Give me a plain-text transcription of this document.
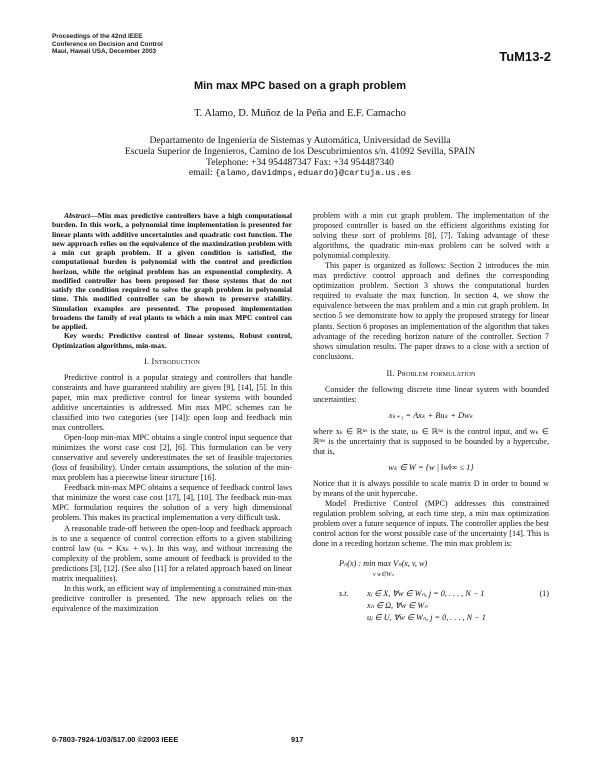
Proceedings of the 42nd IEEE
Conference on Decision and Control
Maui, Hawaii USA, December 2003	TuM13-2
Min max MPC based on a graph problem
T. Alamo, D. Muñoz de la Peña and E.F. Camacho
Departamento de Ingeniería de Sistemas y Automática, Universidad de Sevilla
Escuela Superior de Ingenieros, Camino de los Descubrimientos s/n. 41092 Sevilla, SPAIN
Telephone: +34 954487347 Fax: +34 954487340
email: {alamo,davidmps,eduardo}@cartuja.us.es

Abstract—Min max predictive controllers have a high computational burden. In this work, a polynomial time implementation is presented for linear plants with additive uncertainties and quadratic cost function. The new approach relies on the equivalence of the maximization problem with a min cut graph problem. If a given condition is satisfied, the computational burden is polynomial with the control and prediction horizon, while the original problem has an exponential complexity. A modified controller has been proposed for those systems that do not satisfy the condition required to solve the graph problem in polynomial time. This modified controller can be shown to preserve stability. Simulation examples are presented. The proposed implementation broadens the family of real plants to which a min max MPC control can be applied.

Key words: Predictive control of linear systems, Robust control, Optimization algorithms, min-max.

I. Introduction

Predictive control is a popular strategy and controllers that handle constraints and have guaranteed stability are given [9], [14], [5]. In this paper, min max predictive control for linear systems with bounded additive uncertainties is addressed. Min max MPC schemes can be classified into two categories (see [14]): open loop and feedback min max controllers.

Open-loop min-max MPC obtains a single control input sequence that minimizes the worst case cost [2], [6]. This formulation can be very conservative and severely underestimates the set of feasible trajectories (loss of feasibility). Under certain assumptions, the solution of the min-max problem has a piecewise linear structure [16].

Feedback min-max MPC obtains a sequence of feedback control laws that minimize the worst case cost [17], [4], [10]. The feedback min-max MPC formulation requires the solution of a very high dimensional problem. This makes its practical implementation a very difficult task.

A reasonable trade-off between the open-loop and feedback approach is to use a sequence of control correction efforts to a given stabilizing control law (uₖ = Kxₖ + vₖ). In this way, and without increasing the complexity of the problem, some amount of feedback is provided to the predictions [3], [12]. (See also [11] for a related approach based on linear matrix inequalities).

In this work, an efficient way of implementing a constrained min-max predictive controller is presented. The new approach relies on the equivalence of the maximization

problem with a min cut graph problem. The implementation of the proposed controller is based on the efficient algorithms existing for solving these sort of problems [8], [7]. Taking advantage of these algorithms, the quadratic min-max problem can be solved with a polynomial complexity.

This paper is organized as follows: Section 2 introduces the min max predictive control approach and defines the corresponding optimization problem. Section 3 shows the computational burden required to evaluate the max function. In section 4, we show the equivalence between the max problem and a min cut graph problem. In section 5 we demonstrate how to apply the proposed strategy for linear plants. Section 6 proposes an implementation of the algorithm that takes advantage of the receding horizon nature of the controller. Section 7 shows simulation results. The paper draws to a close with a section of conclusions.

II. Problem formulation

Consider the following discrete time linear system with bounded uncertainties:

xₖ₊₁ = Axₖ + Buₖ + Dwₖ

where xₖ ∈ ℝⁿˣ is the state, uₖ ∈ ℝⁿᵘ is the control input, and wₖ ∈ ℝⁿʷ is the uncertainty that is supposed to be bounded by a hypercube, that is,

wₖ ∈ W = {w | ‖w‖∞ ≤ 1}

Notice that it is always possible to scale matrix D in order to bound w by means of the unit hypercube.

Model Predictive Control (MPC) addresses this constrained regulation problem solving, at each time step, a min max optimization problem over a future sequence of inputs. The controller applies the best control action for the worst possible case of the uncertainty [14]. This is done in a receding horizon scheme. The min max problem is:

Pₙ(x) : min max Vₙ(x, v, w)
v w∈Wₙ
s.t. xⱼ ∈ X, ∀w ∈ Wₙ, j = 0, . . . , N − 1
xₙ ∈ Ω, ∀w ∈ Wₙ
uⱼ ∈ U, ∀w ∈ Wₙ, j = 0, . . . , N − 1
(1)
0-7803-7924-1/03/$17.00 ©2003 IEEE	917
